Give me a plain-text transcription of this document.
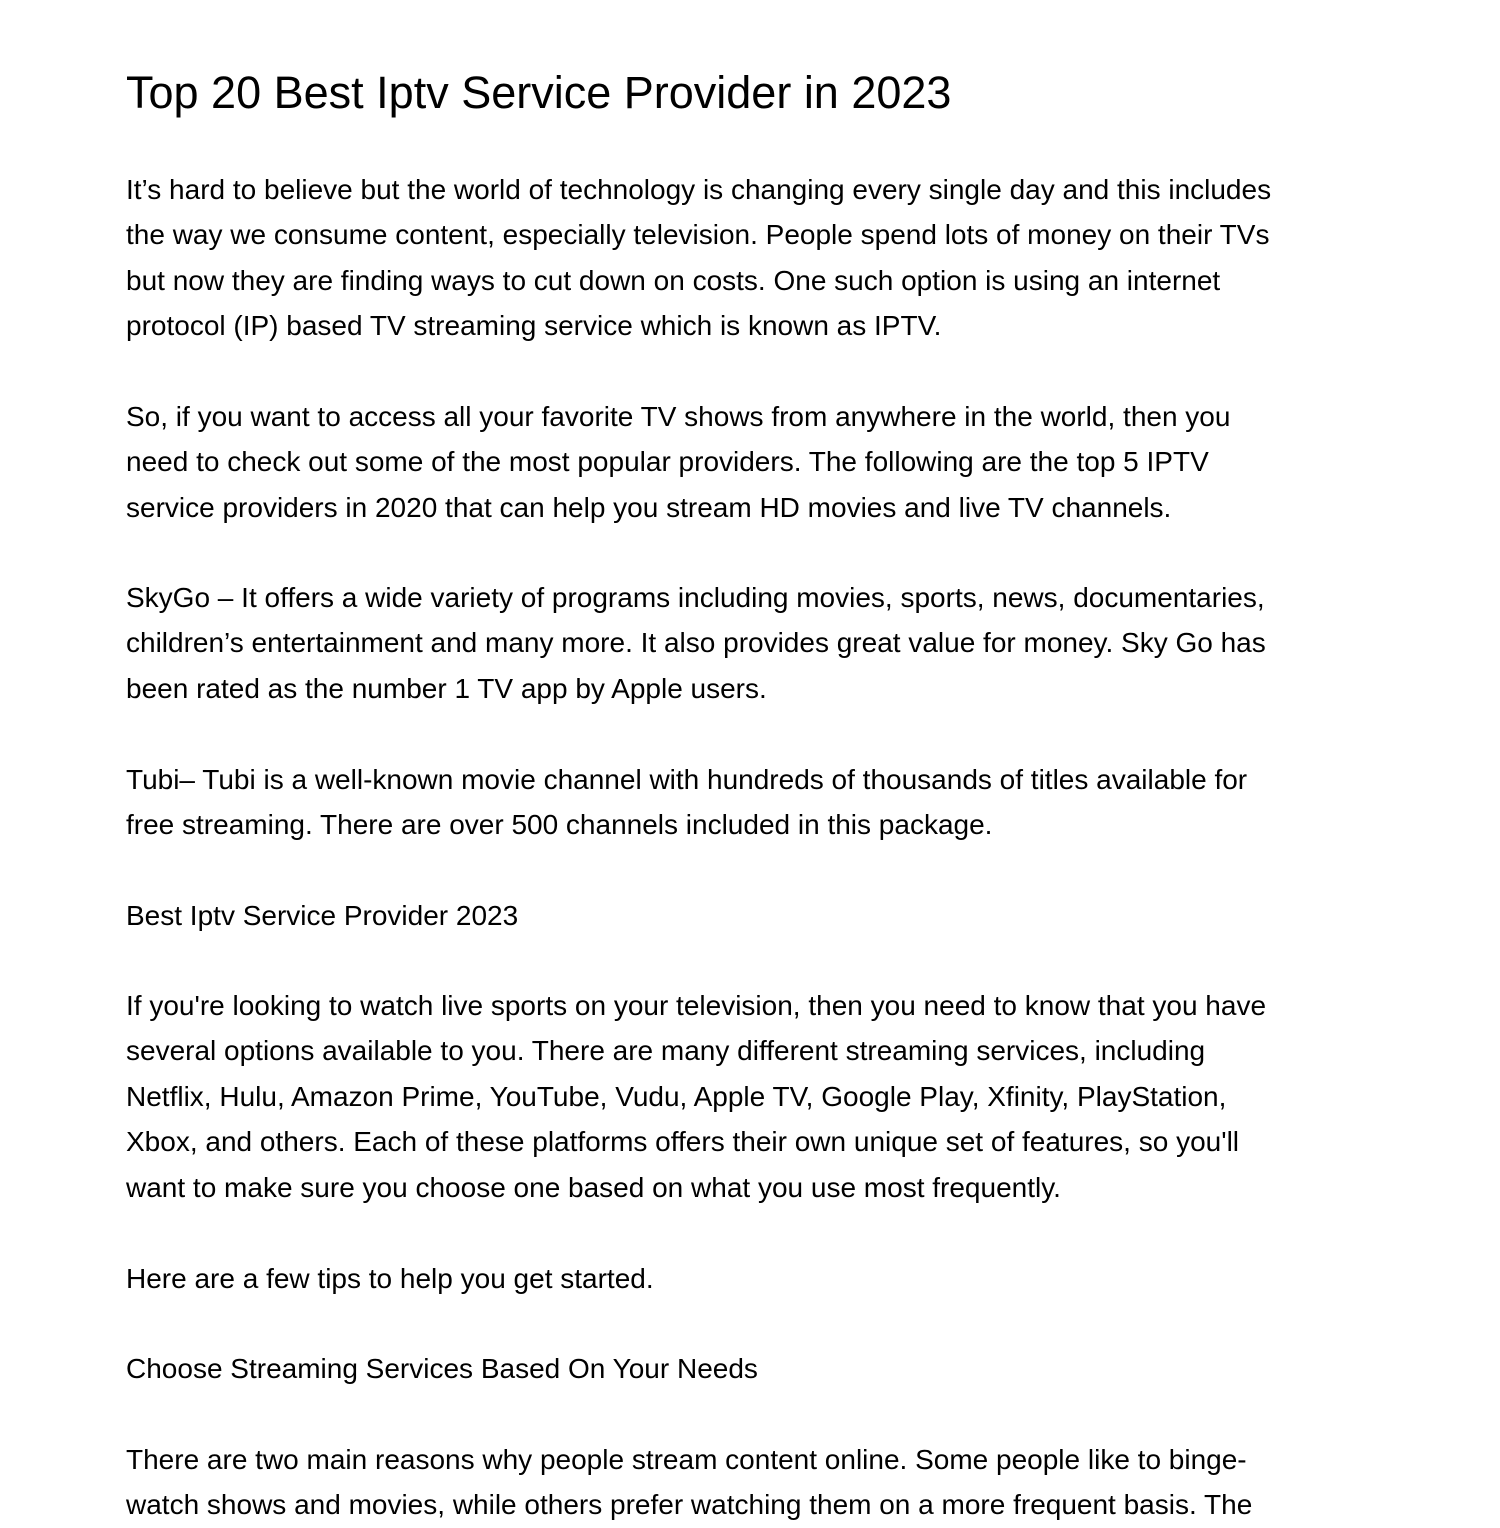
Top 20 Best Iptv Service Provider in 2023

It’s hard to believe but the world of technology is changing every single day and this includes
the way we consume content, especially television. People spend lots of money on their TVs
but now they are finding ways to cut down on costs. One such option is using an internet
protocol (IP) based TV streaming service which is known as IPTV.

So, if you want to access all your favorite TV shows from anywhere in the world, then you
need to check out some of the most popular providers. The following are the top 5 IPTV
service providers in 2020 that can help you stream HD movies and live TV channels.

SkyGo – It offers a wide variety of programs including movies, sports, news, documentaries,
children’s entertainment and many more. It also provides great value for money. Sky Go has
been rated as the number 1 TV app by Apple users.

Tubi– Tubi is a well-known movie channel with hundreds of thousands of titles available for
free streaming. There are over 500 channels included in this package.

Best Iptv Service Provider 2023

If you're looking to watch live sports on your television, then you need to know that you have
several options available to you. There are many different streaming services, including
Netflix, Hulu, Amazon Prime, YouTube, Vudu, Apple TV, Google Play, Xfinity, PlayStation,
Xbox, and others. Each of these platforms offers their own unique set of features, so you'll
want to make sure you choose one based on what you use most frequently.

Here are a few tips to help you get started.

Choose Streaming Services Based On Your Needs

There are two main reasons why people stream content online. Some people like to binge-
watch shows and movies, while others prefer watching them on a more frequent basis. The
